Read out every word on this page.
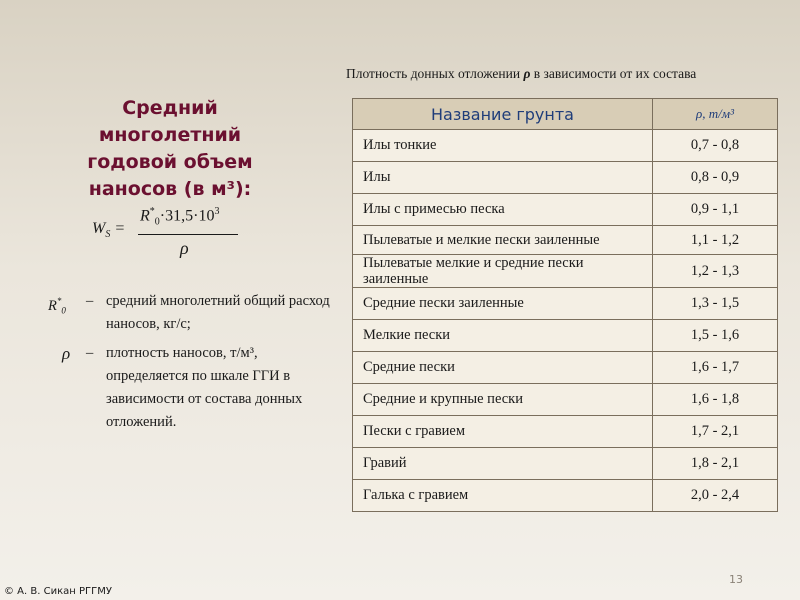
Плотность донных отложении ρ в зависимости от их состава
Средний многолетний годовой объем наносов (в м³):
$W_S$ =
$R^*_0\cdot 31,5\cdot 10^3$
ρ
$R^*_0$
– средний многолетний общий расход наносов, кг/с;
ρ – плотность наносов, т/м³, определяется по шкале ГГИ в зависимости от состава донных отложений.
Название грунта	ρ, т/м³
Илы тонкие	0,7 - 0,8
Илы	0,8 - 0,9
Илы с примесью песка	0,9 - 1,1
Пылеватые и мелкие пески заиленные	1,1 - 1,2
Пылеватые мелкие и средние пески заиленные	1,2 - 1,3
Средние пески заиленные	1,3 - 1,5
Мелкие пески	1,5 - 1,6
Средние пески	1,6 - 1,7
Средние и крупные пески	1,6 - 1,8
Пески с гравием	1,7 - 2,1
Гравий	1,8 - 2,1
Галька с гравием	2,0 - 2,4
13
© А. В. Сикан РГГМУ
